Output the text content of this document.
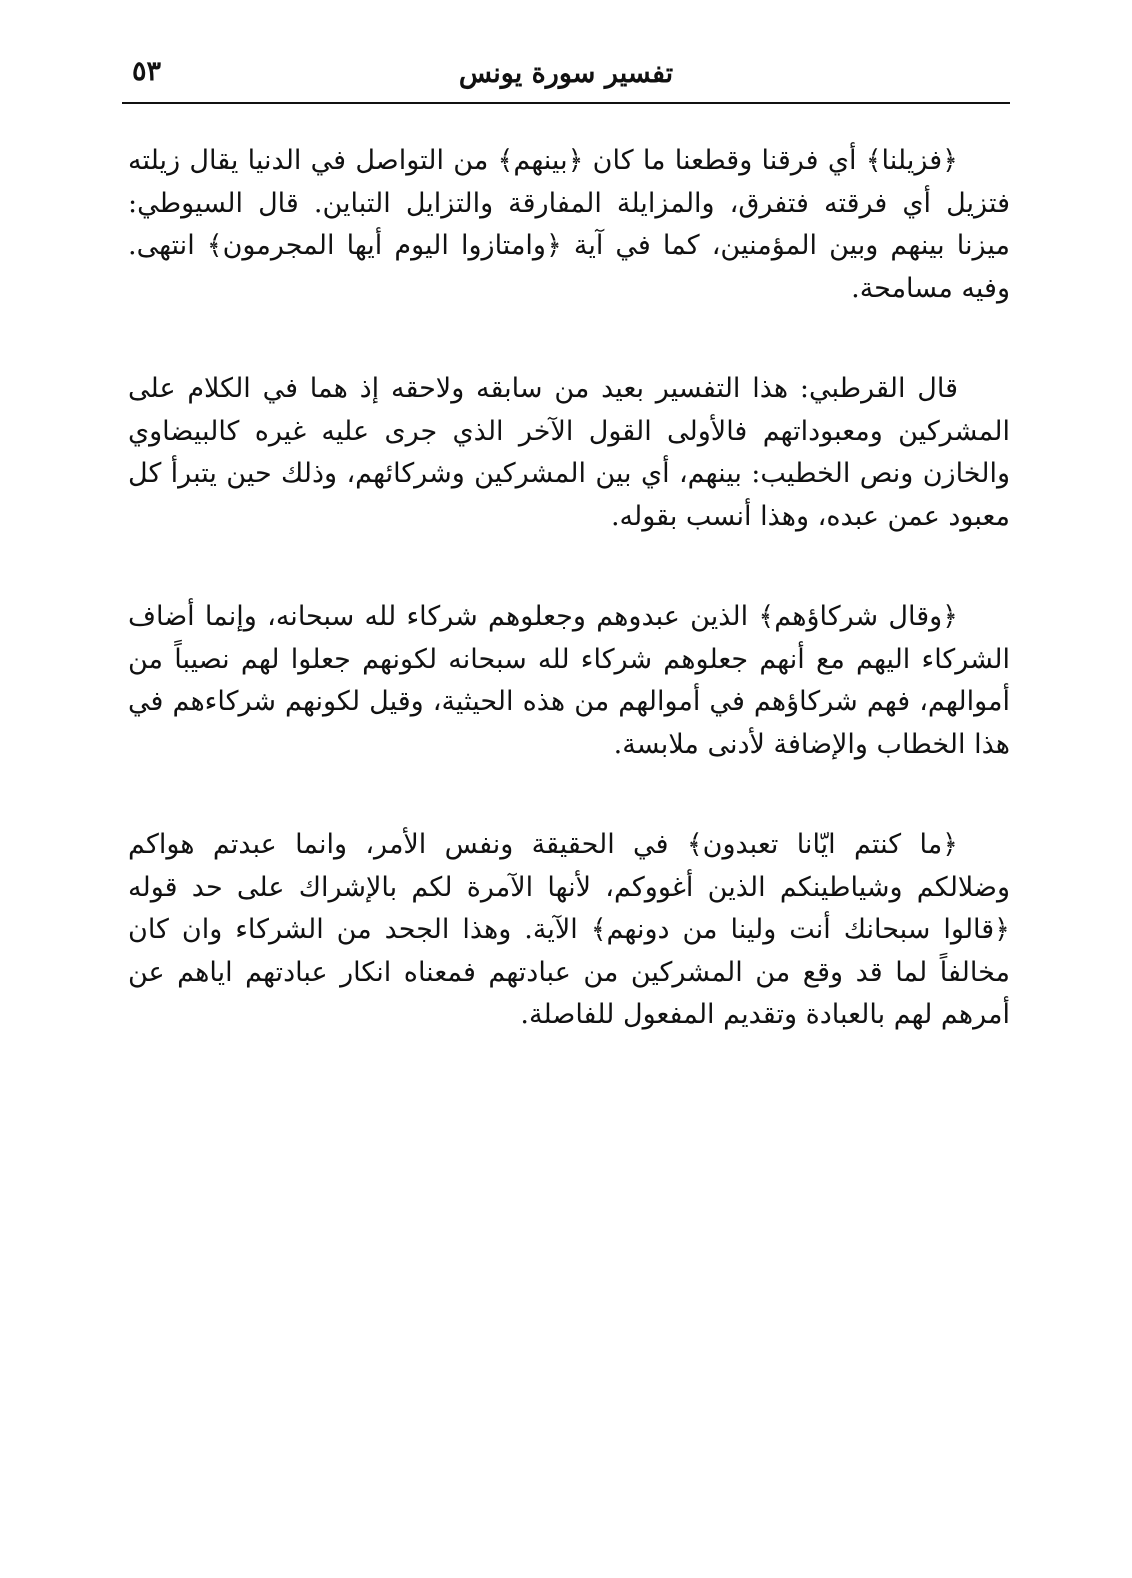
تفسير سورة يونس
٥٣

﴿فزيلنا﴾ أي فرقنا وقطعنا ما كان ﴿بينهم﴾ من التواصل في الدنيا يقال زيلته فتزيل أي فرقته فتفرق، والمزايلة المفارقة والتزايل التباين. قال السيوطي: ميزنا بينهم وبين المؤمنين، كما في آية ﴿وامتازوا اليوم أيها المجرمون﴾ انتهى. وفيه مسامحة.

قال القرطبي: هذا التفسير بعيد من سابقه ولاحقه إذ هما في الكلام على المشركين ومعبوداتهم فالأولى القول الآخر الذي جرى عليه غيره كالبيضاوي والخازن ونص الخطيب: بينهم، أي بين المشركين وشركائهم، وذلك حين يتبرأ كل معبود عمن عبده، وهذا أنسب بقوله.

﴿وقال شركاؤهم﴾ الذين عبدوهم وجعلوهم شركاء لله سبحانه، وإنما أضاف الشركاء اليهم مع أنهم جعلوهم شركاء لله سبحانه لكونهم جعلوا لهم نصيباً من أموالهم، فهم شركاؤهم في أموالهم من هذه الحيثية، وقيل لكونهم شركاءهم في هذا الخطاب والإضافة لأدنى ملابسة.

﴿ما كنتم ايّانا تعبدون﴾ في الحقيقة ونفس الأمر، وانما عبدتم هواكم وضلالكم وشياطينكم الذين أغووكم، لأنها الآمرة لكم بالإشراك على حد قوله ﴿قالوا سبحانك أنت ولينا من دونهم﴾ الآية. وهذا الجحد من الشركاء وان كان مخالفاً لما قد وقع من المشركين من عبادتهم فمعناه انكار عبادتهم اياهم عن أمرهم لهم بالعبادة وتقديم المفعول للفاصلة.
